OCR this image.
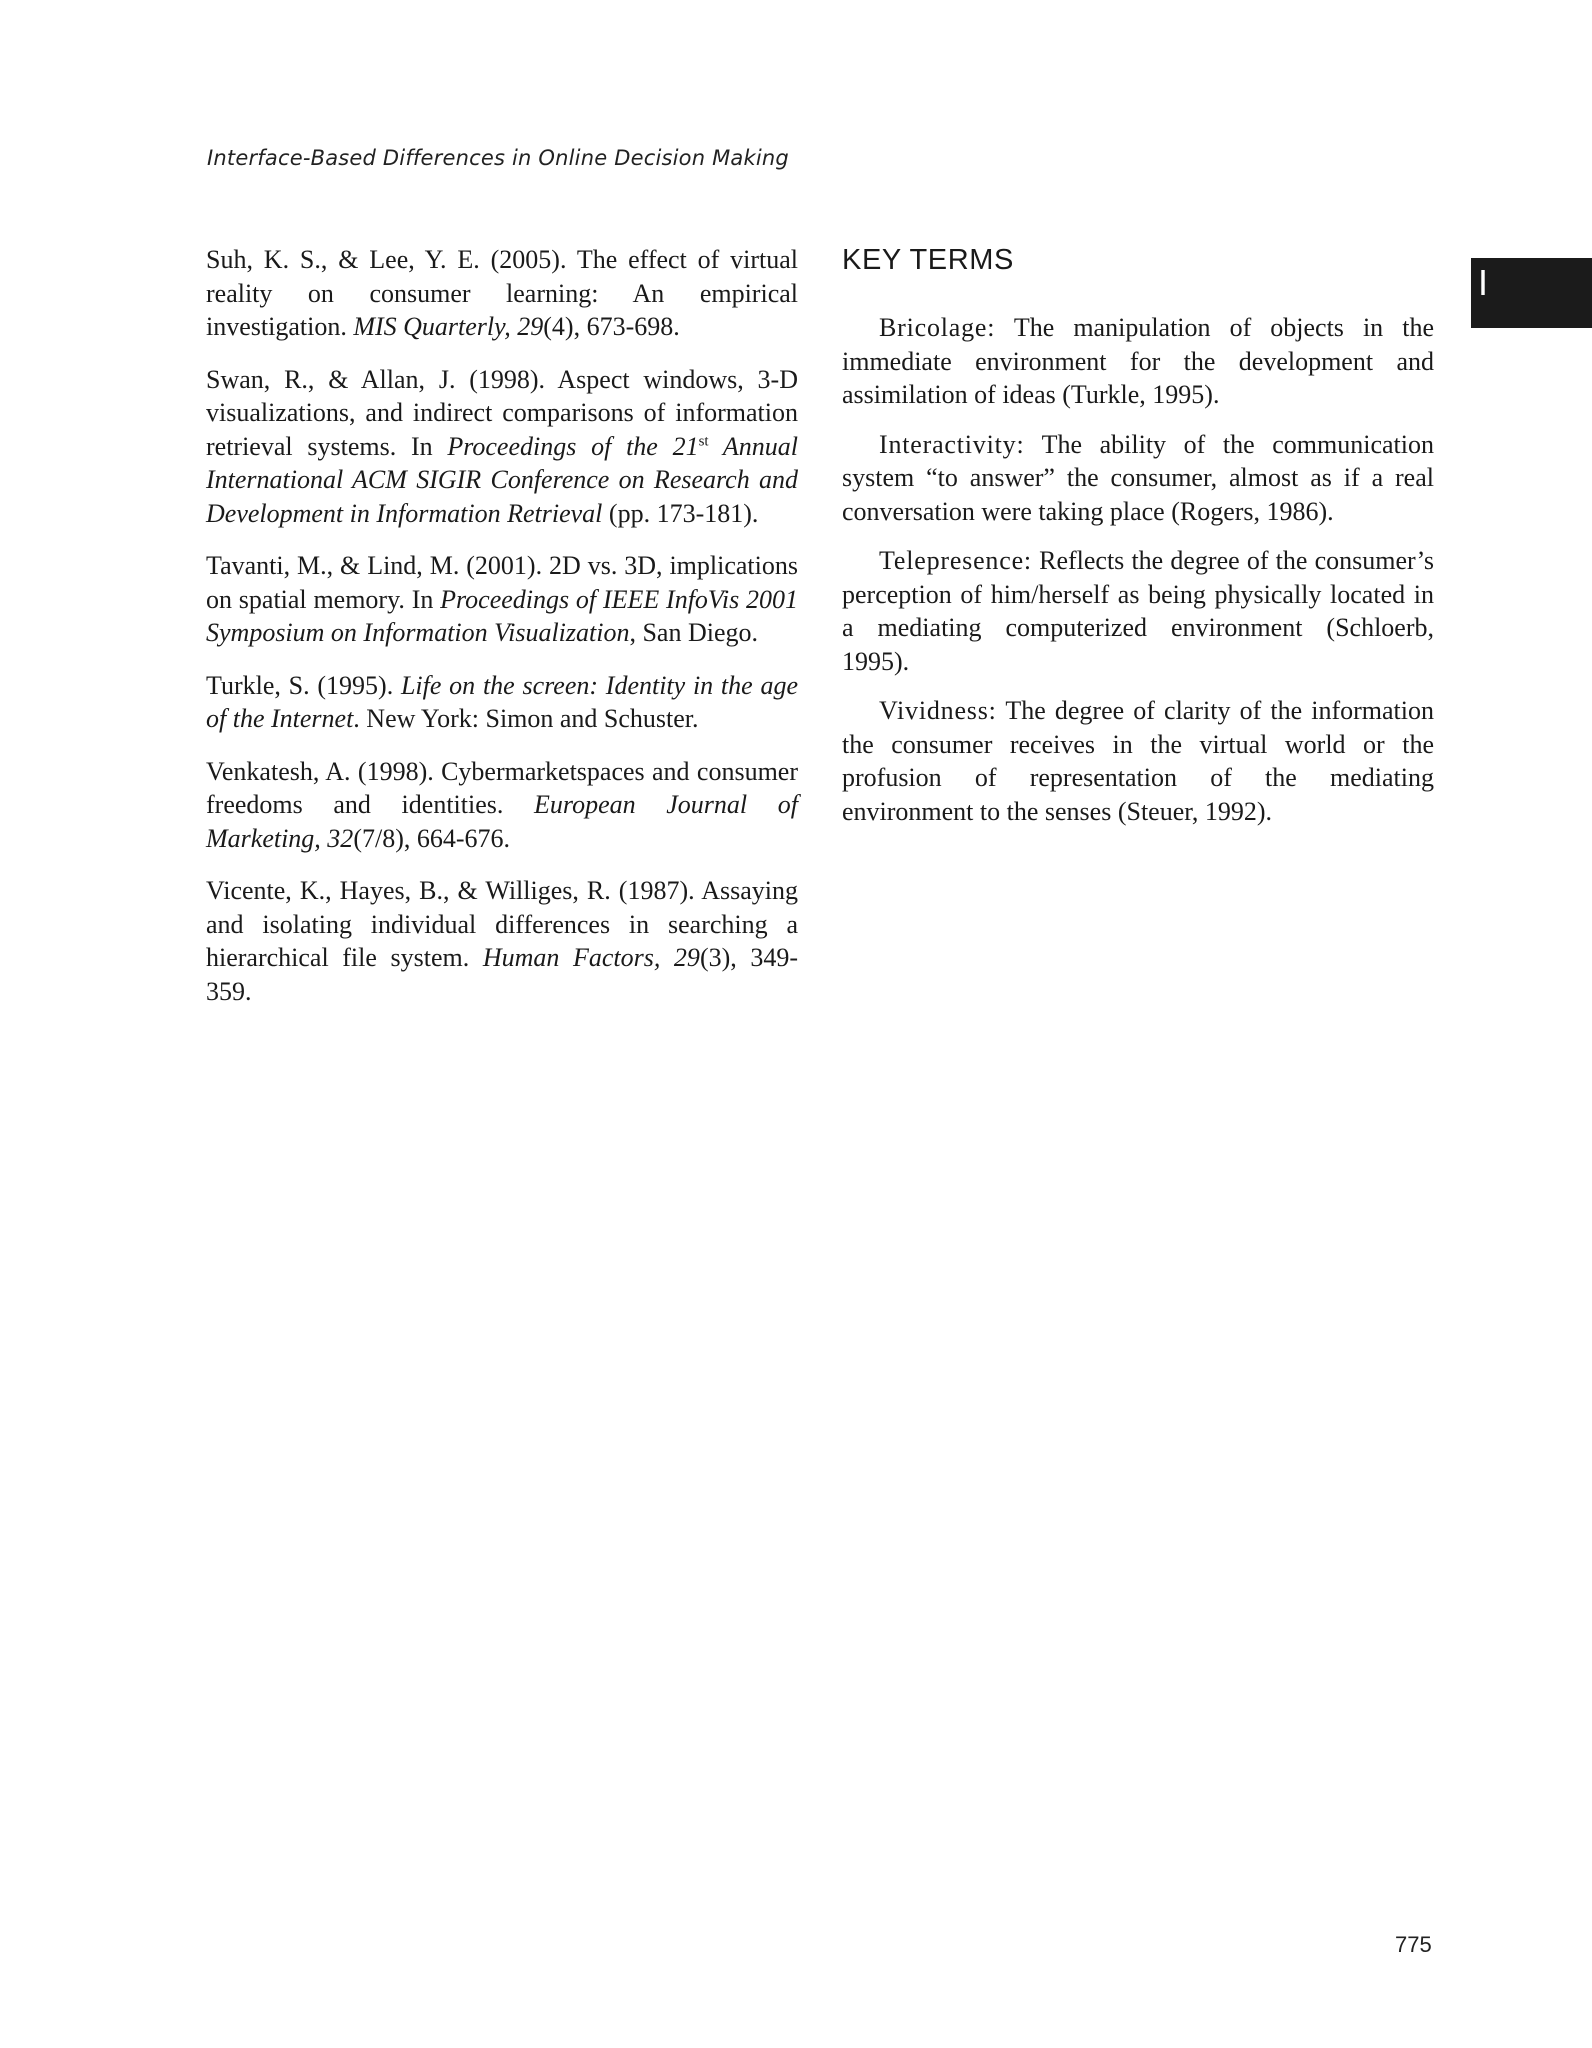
Interface-Based Differences in Online Decision Making
I

Suh, K. S., & Lee, Y. E. (2005). The effect of virtual reality on consumer learning: An empirical investigation. MIS Quarterly, 29(4), 673-698.

Swan, R., & Allan, J. (1998). Aspect windows, 3-D visualizations, and indirect comparisons of information retrieval systems. In Proceedings of the 21st Annual International ACM SIGIR Conference on Research and Development in Information Retrieval (pp. 173-181).

Tavanti, M., & Lind, M. (2001). 2D vs. 3D, implications on spatial memory. In Proceedings of IEEE InfoVis 2001 Symposium on Information Visualization, San Diego.

Turkle, S. (1995). Life on the screen: Identity in the age of the Internet. New York: Simon and Schuster.

Venkatesh, A. (1998). Cybermarketspaces and consumer freedoms and identities. European Journal of Marketing, 32(7/8), 664-676.

Vicente, K., Hayes, B., & Williges, R. (1987). Assaying and isolating individual differences in searching a hierarchical file system. Human Factors, 29(3), 349-359.

KEY TERMS

Bricolage: The manipulation of objects in the immediate environment for the development and assimilation of ideas (Turkle, 1995).

Interactivity: The ability of the communication system “to answer” the consumer, almost as if a real conversation were taking place (Rogers, 1986).

Telepresence: Reflects the degree of the consumer’s perception of him/herself as being physically located in a mediating computerized environment (Schloerb, 1995).

Vividness: The degree of clarity of the information the consumer receives in the virtual world or the profusion of representation of the mediating environment to the senses (Steuer, 1992).

775
